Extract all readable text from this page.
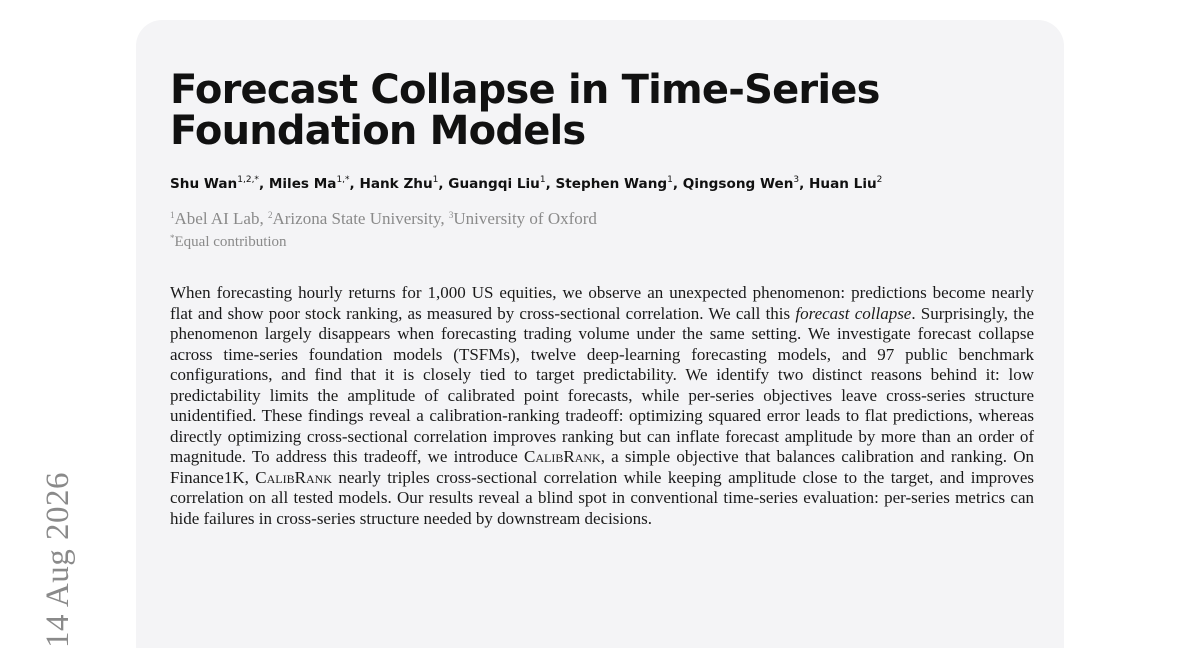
14 Aug 2026
Forecast Collapse in Time-Series Foundation Models
Shu Wan$^{1,2,*}$, Miles $Ma^{1,*}$, Hank Zhu$^1$, Guangqi Liu$^1$, Stephen Wang$^1$, Qingsong Wen$^3$, Huan Liu$^2$
$^1$Abel AI Lab, $^2$Arizona State University, $^3$University of Oxford
*Equal contribution

When forecasting hourly returns for 1,000 US equities, we observe an unexpected phenomenon: predictions become nearly flat and show poor stock ranking, as measured by cross-sectional correlation. We call this forecast collapse. Surprisingly, the phenomenon largely disappears when forecasting trading volume under the same setting. We investigate forecast collapse across time-series foundation models (TSFMs), twelve deep-learning forecasting models, and 97 public benchmark configurations, and find that it is closely tied to target predictability. We identify two distinct reasons behind it: low predictability limits the amplitude of calibrated point forecasts, while per-series objectives leave cross-series structure unidentified. These findings reveal a calibration-ranking tradeoff: optimizing squared error leads to flat predictions, whereas directly optimizing cross-sectional correlation improves ranking but can inflate forecast amplitude by more than an order of magnitude. To address this tradeoff, we introduce CalibRank, a simple objective that balances calibration and ranking. On Finance1K, CalibRank nearly triples cross-sectional correlation while keeping amplitude close to the target, and improves correlation on all tested models. Our results reveal a blind spot in conventional time-series evaluation: per-series metrics can hide failures in cross-series structure needed by downstream decisions.
